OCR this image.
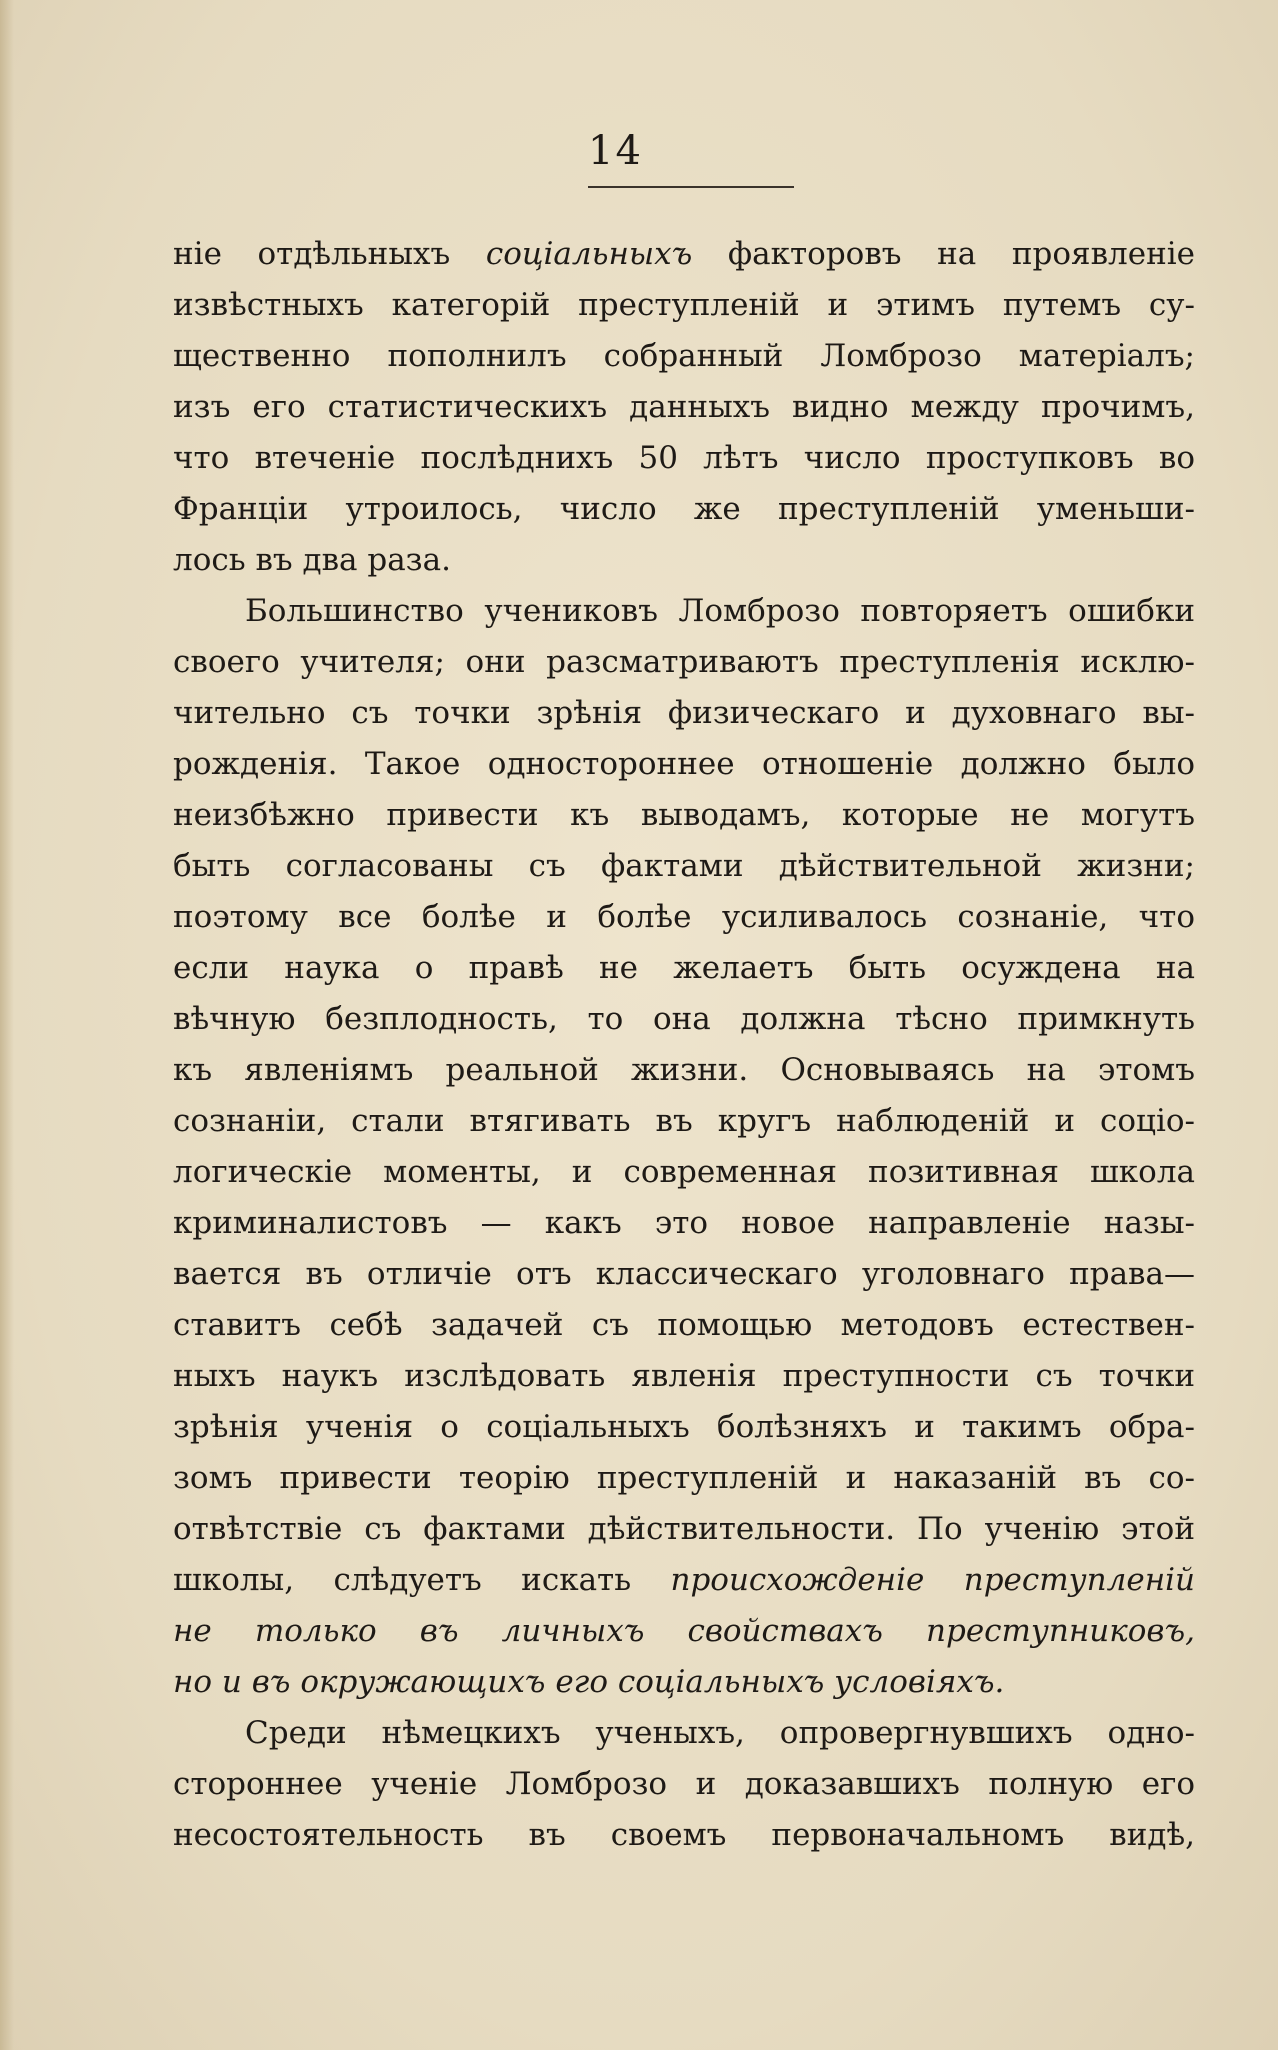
14
ніе отдѣльныхъ соціальныхъ факторовъ на проявленіе
извѣстныхъ категорій преступленій и этимъ путемъ су-
щественно пополнилъ собранный Ломброзо матеріалъ;
изъ его статистическихъ данныхъ видно между прочимъ,
что втеченіе послѣднихъ 50 лѣтъ число проступковъ во
Франціи утроилось, число же преступленій уменьши-
лось въ два раза.
Большинство учениковъ Ломброзо повторяетъ ошибки
своего учителя; они разсматриваютъ преступленія исклю-
чительно съ точки зрѣнія физическаго и духовнаго вы-
рожденія. Такое одностороннее отношеніе должно было
неизбѣжно привести къ выводамъ, которые не могутъ
быть согласованы съ фактами дѣйствительной жизни;
поэтому все болѣе и болѣе усиливалось сознаніе, что
если наука о правѣ не желаетъ быть осуждена на
вѣчную безплодность, то она должна тѣсно примкнуть
къ явленіямъ реальной жизни. Основываясь на этомъ
сознаніи, стали втягивать въ кругъ наблюденій и соціо-
логическіе моменты, и современная позитивная школа
криминалистовъ — какъ это новое направленіе назы-
вается въ отличіе отъ классическаго уголовнаго права—
ставитъ себѣ задачей съ помощью методовъ естествен-
ныхъ наукъ изслѣдовать явленія преступности съ точки
зрѣнія ученія о соціальныхъ болѣзняхъ и такимъ обра-
зомъ привести теорію преступленій и наказаній въ со-
отвѣтствіе съ фактами дѣйствительности. По ученію этой
школы, слѣдуетъ искать происхожденіе преступленій
не только въ личныхъ свойствахъ преступниковъ,
но и въ окружающихъ его соціальныхъ условіяхъ.
Среди нѣмецкихъ ученыхъ, опровергнувшихъ одно-
стороннее ученіе Ломброзо и доказавшихъ полную его
несостоятельность въ своемъ первоначальномъ видѣ,
